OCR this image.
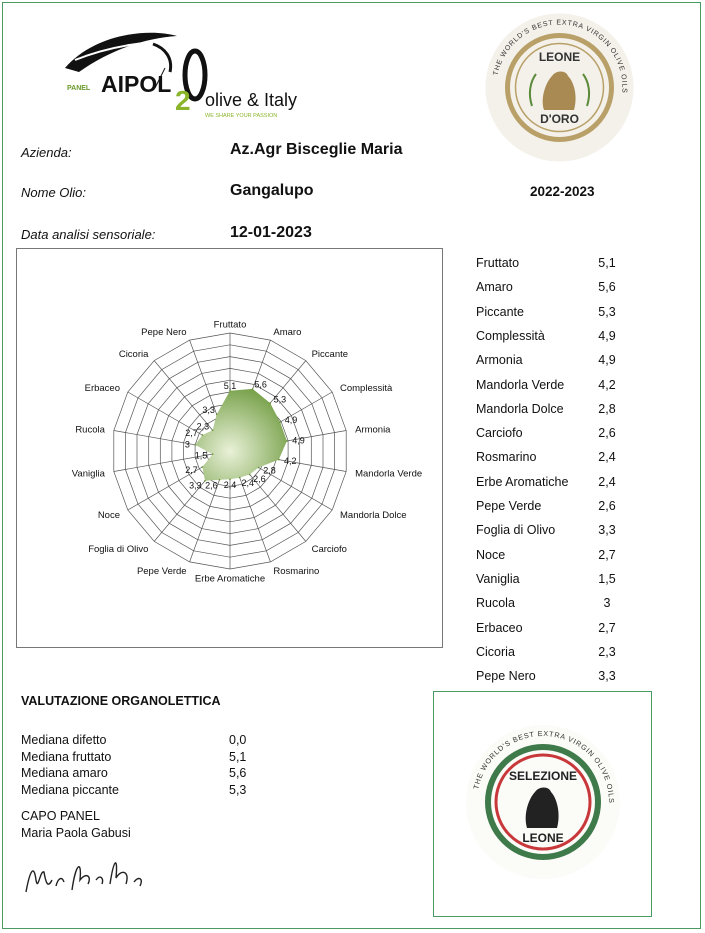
PANEL AIPOL
2 olive & Italy
WE SHARE YOUR PASSION
THE WORLD'S BEST EXTRA VIRGIN OLIVE OILS
LEONE
D'ORO
Azienda:	Az.Agr Bisceglie Maria
Nome Olio:	Gangalupo	2022-2023
Data analisi sensoriale:	12-01-2023
Fruttato
Amaro
Piccante
Complessità
Armonia
Mandorla Verde
Mandorla Dolce
Carciofo
Rosmarino
Erbe Aromatiche
Pepe Verde
Foglia di Olivo
Noce
Vaniglia
Rucola
Erbaceo
Cicoria
Pepe Nero
5,1 5,6
5,3
4,9
4,9
4,2
2,8
2,6
2,4
2,4
2,6
3,3
2,7
1,5
3
2,7
2,3
3,3
Fruttato	5,1
Amaro	5,6
Piccante	5,3
Complessità	4,9
Armonia	4,9
Mandorla Verde	4,2
Mandorla Dolce	2,8
Carciofo	2,6
Rosmarino	2,4
Erbe Aromatiche	2,4
Pepe Verde	2,6
Foglia di Olivo	3,3
Noce	2,7
Vaniglia	1,5
Rucola	3
Erbaceo	2,7
Cicoria	2,3
Pepe Nero	3,3
VALUTAZIONE ORGANOLETTICA
Mediana difetto	0,0
Mediana fruttato	5,1
Mediana amaro	5,6
Mediana piccante	5,3
CAPO PANEL
Maria Paola Gabusi
THE WORLD'S BEST EXTRA VIRGIN OLIVE OILS
SELEZIONE
LEONE
